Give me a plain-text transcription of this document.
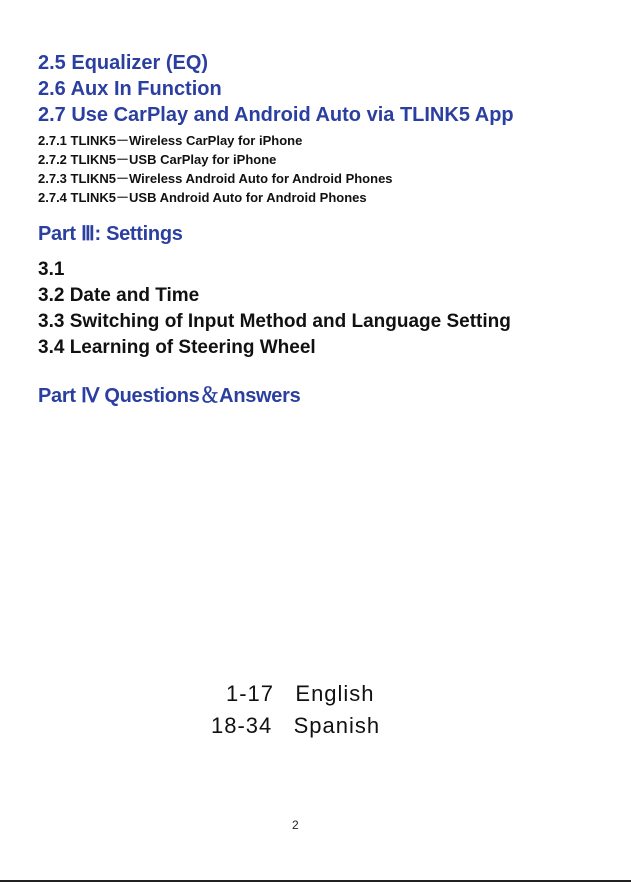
2.5 Equalizer (EQ)
2.6 Aux In Function
2.7 Use CarPlay and Android Auto via TLINK5 App
2.7.1 TLINK5－Wireless CarPlay for iPhone
2.7.2 TLIKN5－USB CarPlay for iPhone
2.7.3 TLIKN5－Wireless Android Auto for Android Phones
2.7.4 TLINK5－USB Android Auto for Android Phones
Part Ⅲ: Settings
3.1
3.2 Date and Time
3.3 Switching of Input Method and Language Setting
3.4 Learning of Steering Wheel
Part Ⅳ Questions＆Answers
1-17 English
18-34 Spanish
2
